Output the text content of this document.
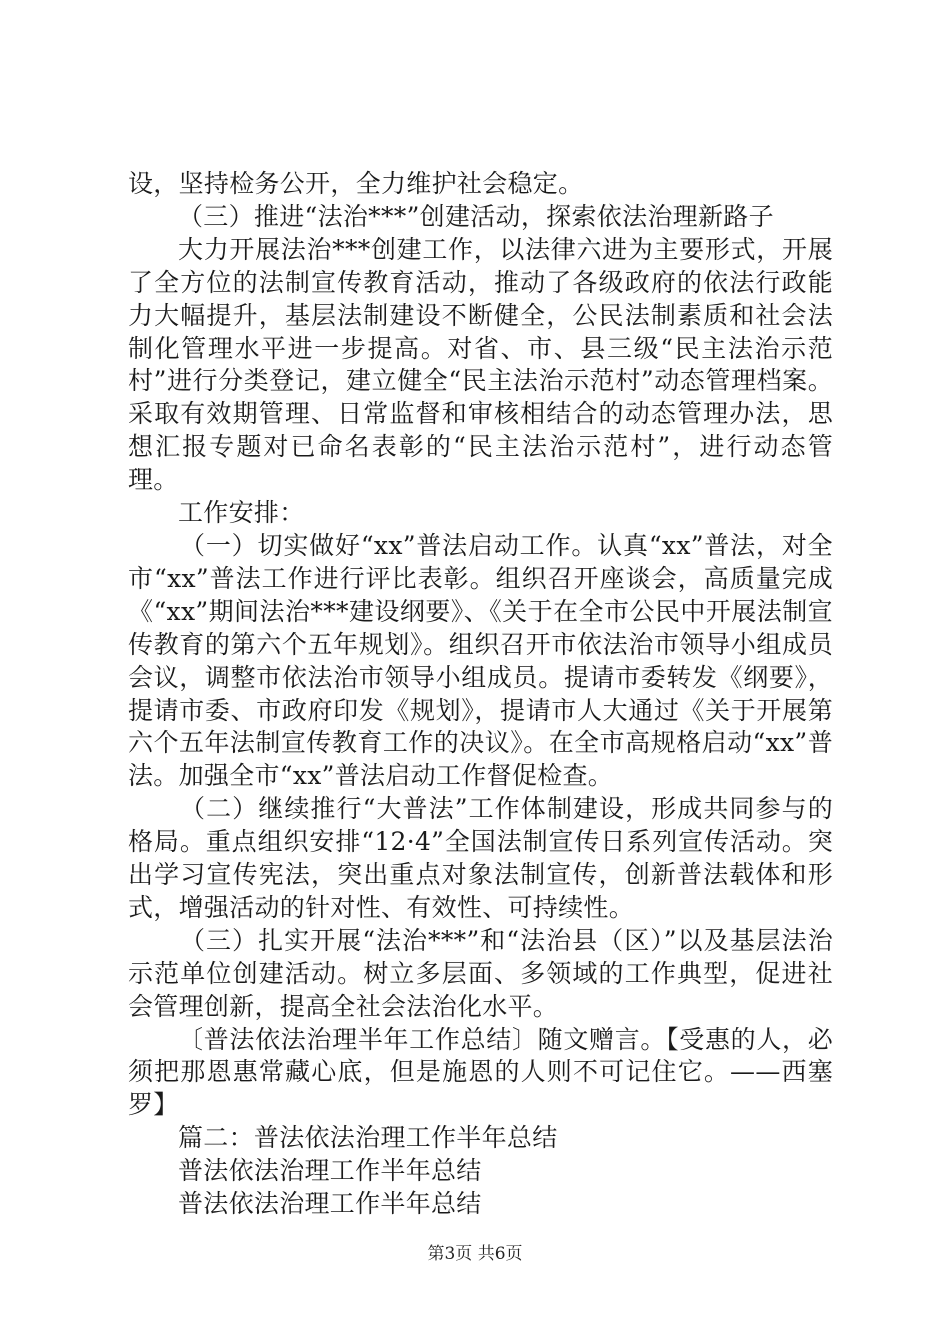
设，坚持检务公开，全力维护社会稳定。

（三）推进“法治***”创建活动，探索依法治理新路子

大力开展法治***创建工作，以法律六进为主要形式，开展了全方位的法制宣传教育活动，推动了各级政府的依法行政能力大幅提升，基层法制建设不断健全，公民法制素质和社会法制化管理水平进一步提高。对省、市、县三级“民主法治示范村”进行分类登记，建立健全“民主法治示范村”动态管理档案。采取有效期管理、日常监督和审核相结合的动态管理办法，思想汇报专题对已命名表彰的“民主法治示范村”，进行动态管理。

工作安排：

（一）切实做好“xx”普法启动工作。认真“xx”普法，对全市“xx”普法工作进行评比表彰。组织召开座谈会，高质量完成《“xx”期间法治***建设纲要》、《关于在全市公民中开展法制宣传教育的第六个五年规划》。组织召开市依法治市领导小组成员会议，调整市依法治市领导小组成员。提请市委转发《纲要》，提请市委、市政府印发《规划》，提请市人大通过《关于开展第六个五年法制宣传教育工作的决议》。在全市高规格启动“xx”普法。加强全市“xx”普法启动工作督促检查。

（二）继续推行“大普法”工作体制建设，形成共同参与的格局。重点组织安排“12·4”全国法制宣传日系列宣传活动。突出学习宣传宪法，突出重点对象法制宣传，创新普法载体和形式，增强活动的针对性、有效性、可持续性。

（三）扎实开展“法治***”和“法治县（区）”以及基层法治示范单位创建活动。树立多层面、多领域的工作典型，促进社会管理创新，提高全社会法治化水平。

〔普法依法治理半年工作总结〕随文赠言。【受惠的人，必须把那恩惠常藏心底，但是施恩的人则不可记住它。——西塞罗】

篇二：普法依法治理工作半年总结

普法依法治理工作半年总结

普法依法治理工作半年总结

第3页 共6页
